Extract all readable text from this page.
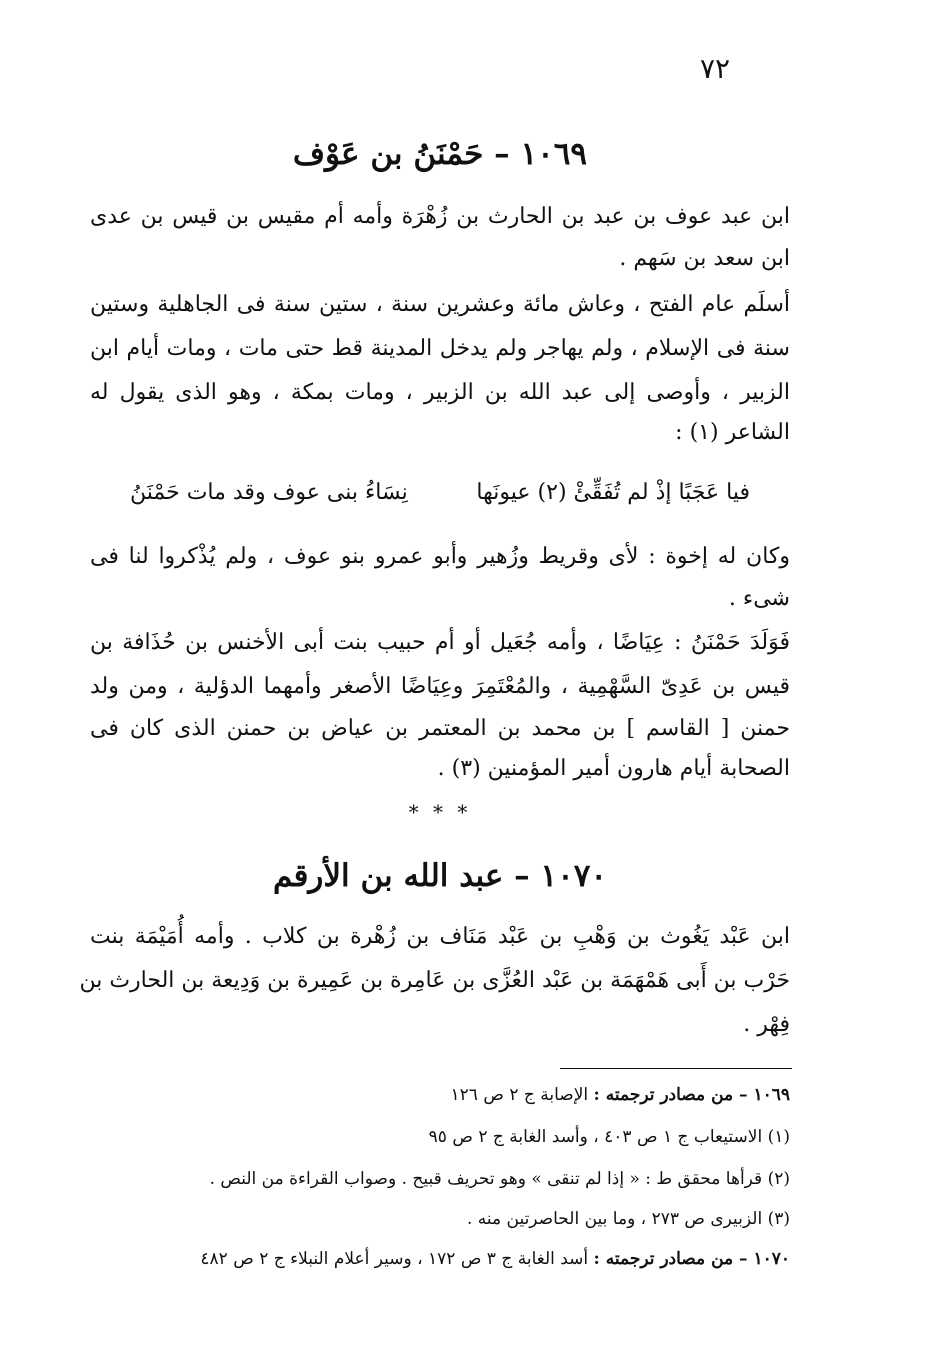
٧٢
١٠٦٩ – حَمْنَنُ بن عَوْف
ابن عبد عوف بن عبد بن الحارث بن زُهْرَة وأمه أم مقيس بن قيس بن عدى
ابن سعد بن سَهم .
أسلَم عام الفتح ، وعاش مائة وعشرين سنة ، ستين سنة فى الجاهلية وستين
سنة فى الإسلام ، ولم يهاجر ولم يدخل المدينة قط حتى مات ، ومات أيام ابن
الزبير ، وأوصى إلى عبد الله بن الزبير ، ومات بمكة ، وهو الذى يقول له
الشاعر (١) :
فيا عَجَبًا إذْ لم تُفَقِّئْ (٢) عيونَها
نِسَاءُ بنى عوف وقد مات حَمْنَنُ
وكان له إخوة : لأى وقريط وزُهير وأبو عمرو بنو عوف ، ولم يُذْكروا لنا فى
شىء .
فَوَلَدَ حَمْنَنُ : عِيَاضًا ، وأمه جُعَيل أو أم حبيب بنت أبى الأخنس بن حُذَافة بن
قيس بن عَدِىّ السَّهْمِية ، والمُعْتَمِرَ وعِيَاضًا الأصغر وأمهما الدؤلية ، ومن ولد
حمنن [ القاسم ] بن محمد بن المعتمر بن عياض بن حمنن الذى كان فى
الصحابة أيام هارون أمير المؤمنين (٣) .
* * *
١٠٧٠ – عبد الله بن الأرقم
ابن عَبْد يَغُوث بن وَهْبِ بن عَبْد مَنَاف بن زُهْرة بن كلاب . وأمه أُمَيْمَة بنت
حَرْب بن أَبى هَمْهَمَة بن عَبْد العُزَّى بن عَامِرة بن عَمِيرة بن وَدِيعة بن الحارث بن
فِهْر .
١٠٦٩ – من مصادر ترجمته : الإصابة ج ٢ ص ١٢٦
(١) الاستيعاب ج ١ ص ٤٠٣ ، وأسد الغابة ج ٢ ص ٩٥
(٢) قرأها محقق ط : « إذا لم تنقى » وهو تحريف قبيح . وصواب القراءة من النص .
(٣) الزبيرى ص ٢٧٣ ، وما بين الحاصرتين منه .
١٠٧٠ – من مصادر ترجمته : أسد الغابة ج ٣ ص ١٧٢ ، وسير أعلام النبلاء ج ٢ ص ٤٨٢
